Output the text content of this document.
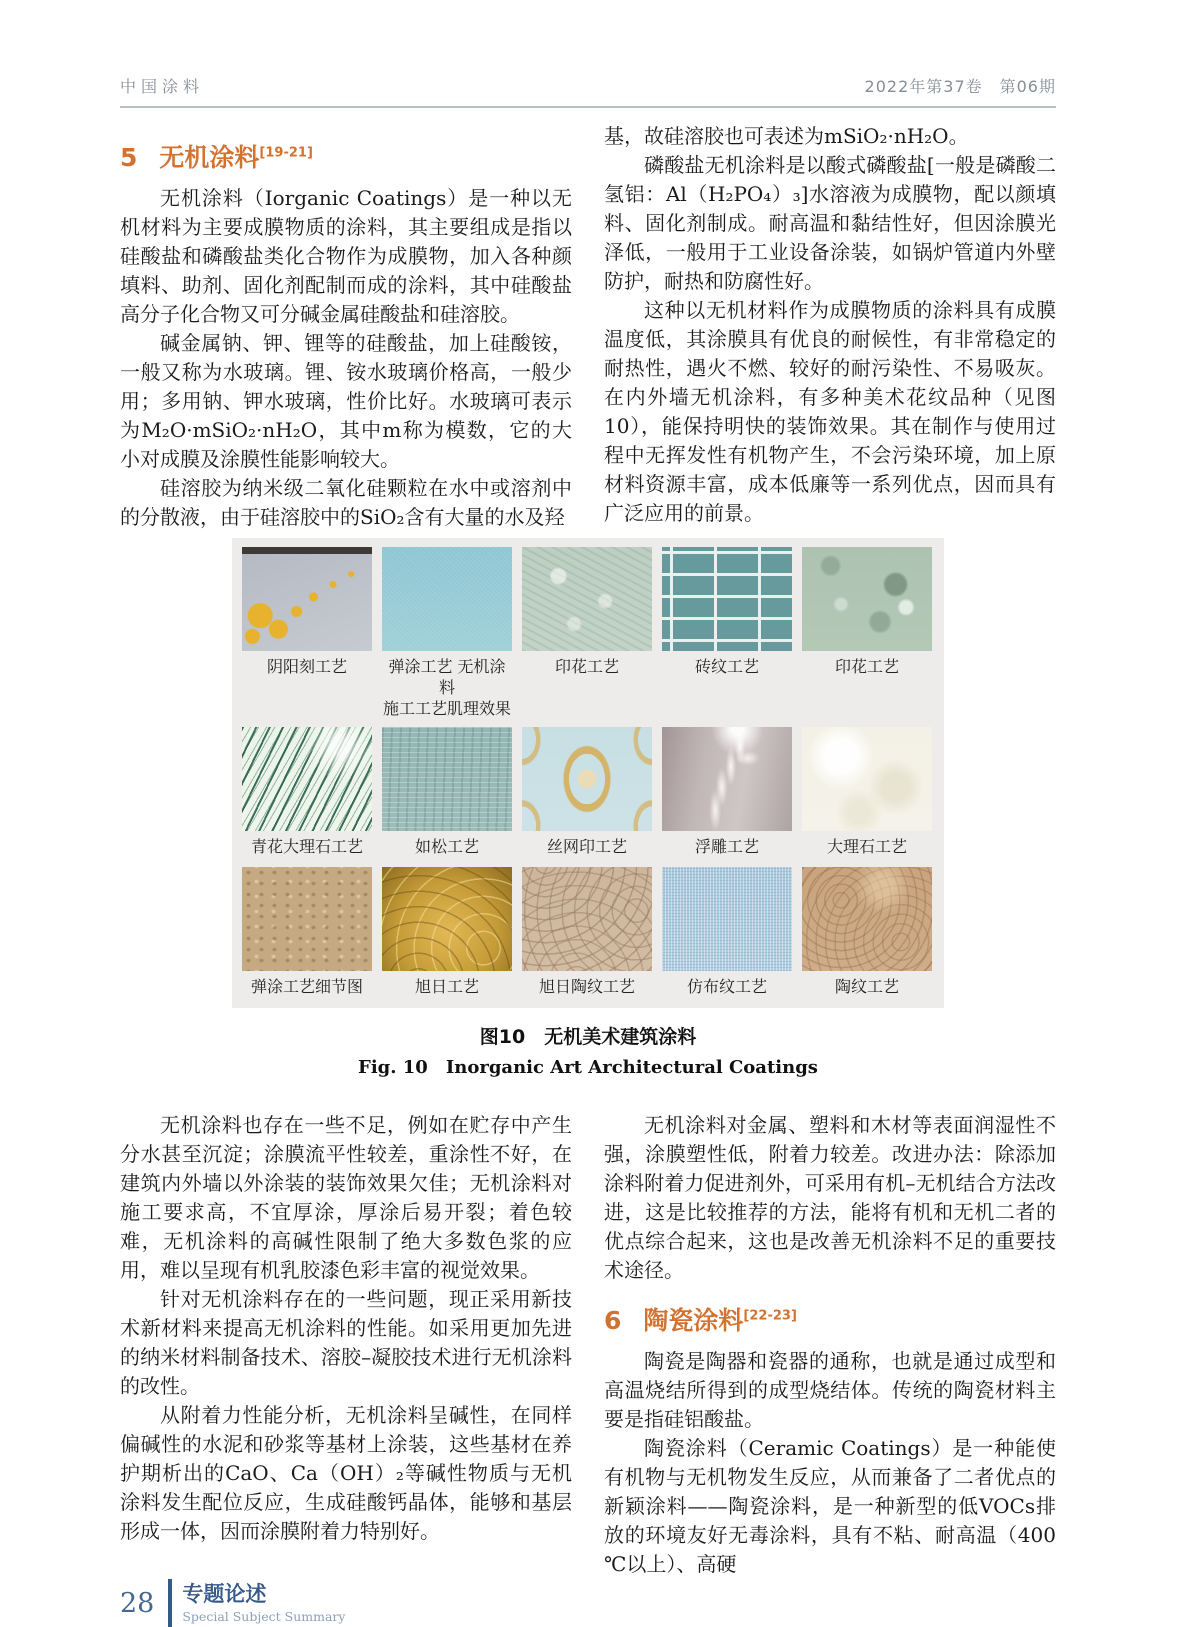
中国涂料	2022年第37卷　第06期
5 无机涂料[19-21]

无机涂料（Iorganic Coatings）是一种以无机材料为主要成膜物质的涂料，其主要组成是指以硅酸盐和磷酸盐类化合物作为成膜物，加入各种颜填料、助剂、固化剂配制而成的涂料，其中硅酸盐高分子化合物又可分碱金属硅酸盐和硅溶胶。

碱金属钠、钾、锂等的硅酸盐，加上硅酸铵，一般又称为水玻璃。锂、铵水玻璃价格高，一般少用；多用钠、钾水玻璃，性价比好。水玻璃可表示为M₂O·mSiO₂·nH₂O，其中m称为模数，它的大小对成膜及涂膜性能影响较大。

硅溶胶为纳米级二氧化硅颗粒在水中或溶剂中的分散液，由于硅溶胶中的SiO₂含有大量的水及羟

基，故硅溶胶也可表述为mSiO₂·nH₂O。

磷酸盐无机涂料是以酸式磷酸盐[一般是磷酸二氢铝：Al（H₂PO₄）₃]水溶液为成膜物，配以颜填料、固化剂制成。耐高温和黏结性好，但因涂膜光泽低，一般用于工业设备涂装，如锅炉管道内外壁防护，耐热和防腐性好。

这种以无机材料作为成膜物质的涂料具有成膜温度低，其涂膜具有优良的耐候性，有非常稳定的耐热性，遇火不燃、较好的耐污染性、不易吸灰。在内外墙无机涂料，有多种美术花纹品种（见图10），能保持明快的装饰效果。其在制作与使用过程中无挥发性有机物产生，不会污染环境，加上原材料资源丰富，成本低廉等一系列优点，因而具有广泛应用的前景。

阴阳刻工艺	弹涂工艺 无机涂料
施工工艺肌理效果
印花工艺	砖纹工艺	印花工艺
青花大理石工艺	如松工艺	丝网印工艺	浮雕工艺	大理石工艺
弹涂工艺细节图	旭日工艺	旭日陶纹工艺	仿布纹工艺	陶纹工艺
图10　无机美术建筑涂料
Fig. 10　Inorganic Art Architectural Coatings

无机涂料也存在一些不足，例如在贮存中产生分水甚至沉淀；涂膜流平性较差，重涂性不好，在建筑内外墙以外涂装的装饰效果欠佳；无机涂料对施工要求高，不宜厚涂，厚涂后易开裂；着色较难，无机涂料的高碱性限制了绝大多数色浆的应用，难以呈现有机乳胶漆色彩丰富的视觉效果。

针对无机涂料存在的一些问题，现正采用新技术新材料来提高无机涂料的性能。如采用更加先进的纳米材料制备技术、溶胶–凝胶技术进行无机涂料的改性。

从附着力性能分析，无机涂料呈碱性，在同样偏碱性的水泥和砂浆等基材上涂装，这些基材在养护期析出的CaO、Ca（OH）₂等碱性物质与无机涂料发生配位反应，生成硅酸钙晶体，能够和基层形成一体，因而涂膜附着力特别好。

无机涂料对金属、塑料和木材等表面润湿性不强，涂膜塑性低，附着力较差。改进办法：除添加涂料附着力促进剂外，可采用有机–无机结合方法改进，这是比较推荐的方法，能将有机和无机二者的优点综合起来，这也是改善无机涂料不足的重要技术途径。

6 陶瓷涂料[22-23]

陶瓷是陶器和瓷器的通称，也就是通过成型和高温烧结所得到的成型烧结体。传统的陶瓷材料主要是指硅铝酸盐。

陶瓷涂料（Ceramic Coatings）是一种能使有机物与无机物发生反应，从而兼备了二者优点的新颖涂料——陶瓷涂料，是一种新型的低VOCs排放的环境友好无毒涂料，具有不粘、耐高温（400 ℃以上）、高硬

28 专题论述
Special Subject Summary
